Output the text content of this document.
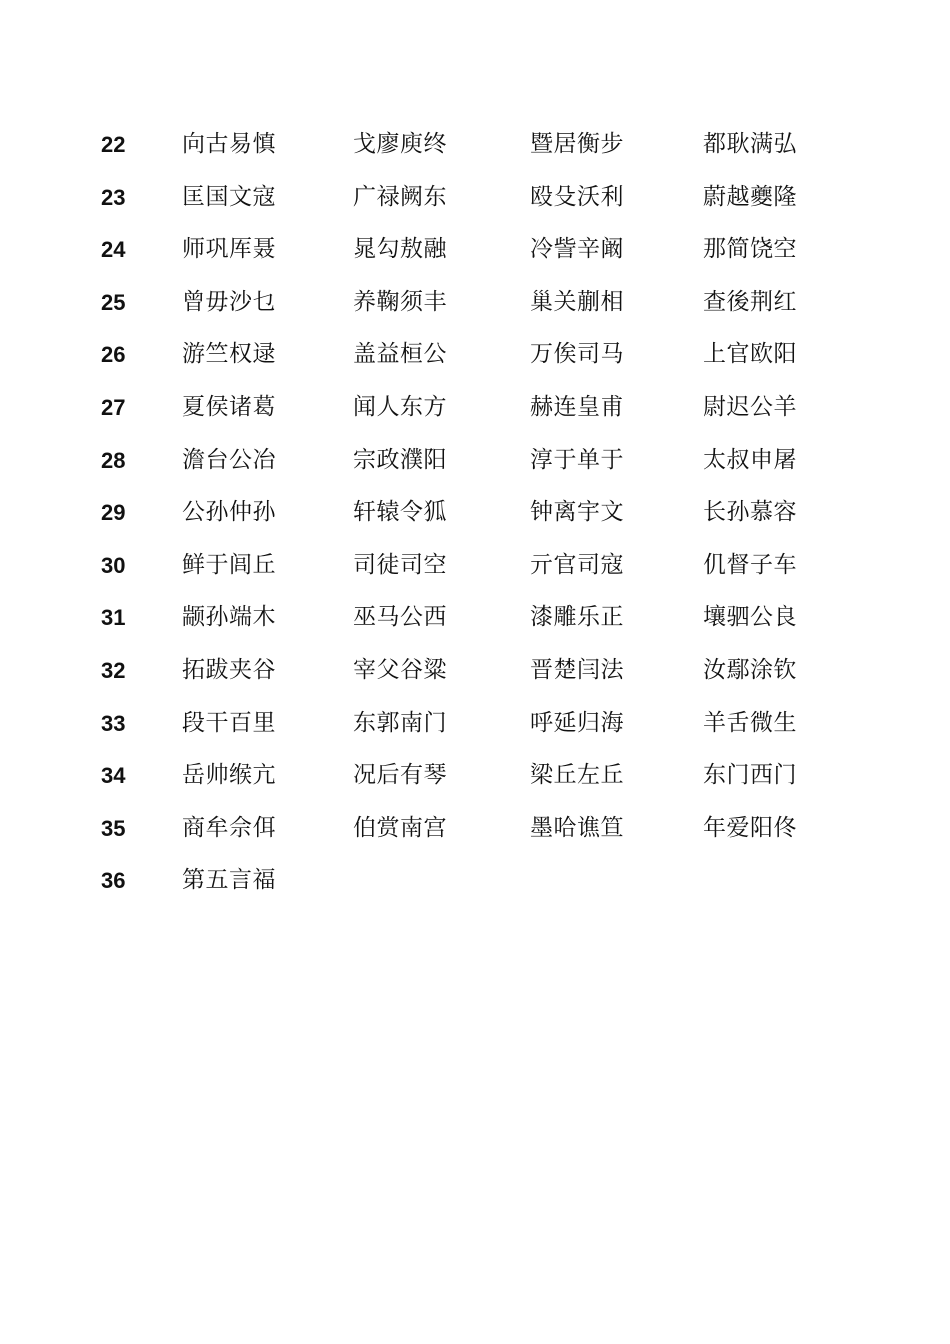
22 向古易慎	戈廖庾终	暨居衡步	都耿满弘
23 匡国文寇	广禄阙东	殴殳沃利	蔚越夔隆
24 师巩厍聂	晁勾敖融	冷訾辛阚	那简饶空
25 曾毋沙乜	养鞠须丰	巢关蒯相	查後荆红
26 游竺权逯	盖益桓公	万俟司马	上官欧阳
27 夏侯诸葛	闻人东方	赫连皇甫	尉迟公羊
28 澹台公冶	宗政濮阳	淳于单于	太叔申屠
29 公孙仲孙	轩辕令狐	钟离宇文	长孙慕容
30 鲜于闾丘	司徒司空	亓官司寇	仉督子车
31 颛孙端木	巫马公西	漆雕乐正	壤驷公良
32 拓跋夹谷	宰父谷粱	晋楚闫法	汝鄢涂钦
33 段干百里	东郭南门	呼延归海	羊舌微生
34 岳帅缑亢	况后有琴	梁丘左丘	东门西门
35 商牟佘佴	伯赏南宫	墨哈谯笪	年爱阳佟
36 第五言福
